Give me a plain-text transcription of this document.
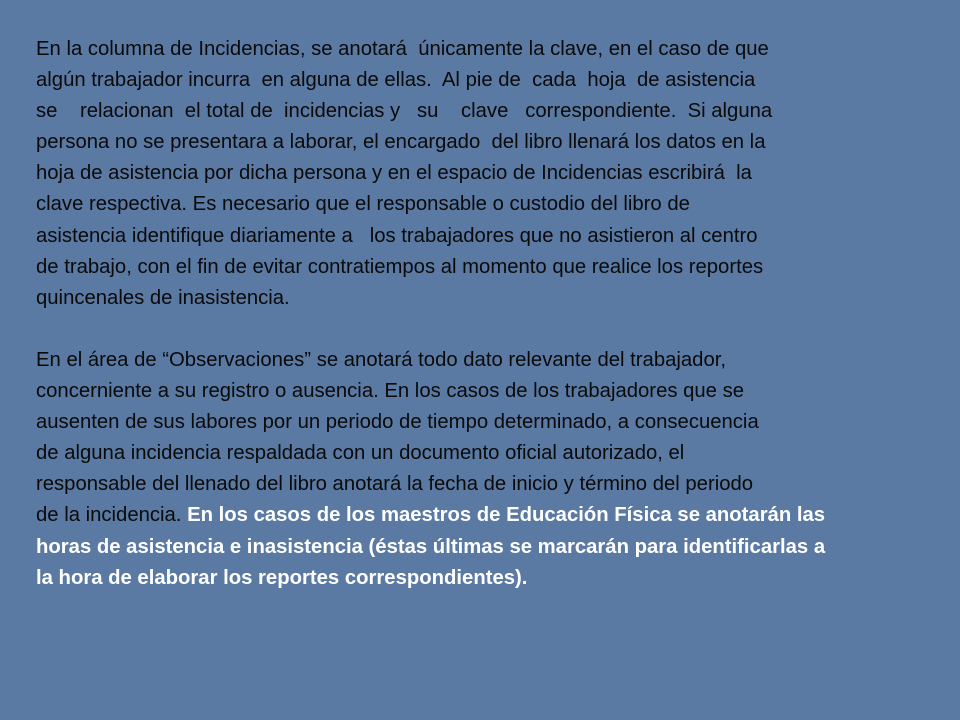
En la columna de Incidencias, se anotará  únicamente la clave, en el caso de que
algún trabajador incurra  en alguna de ellas.  Al pie de  cada  hoja  de asistencia
se    relacionan  el total de  incidencias y   su    clave   correspondiente.  Si alguna
persona no se presentara a laborar, el encargado  del libro llenará los datos en la
hoja de asistencia por dicha persona y en el espacio de Incidencias escribirá  la
clave respectiva. Es necesario que el responsable o custodio del libro de
asistencia identifique diariamente a   los trabajadores que no asistieron al centro
de trabajo, con el fin de evitar contratiempos al momento que realice los reportes
quincenales de inasistencia.

En el área de “Observaciones” se anotará todo dato relevante del trabajador,
concerniente a su registro o ausencia. En los casos de los trabajadores que se
ausenten de sus labores por un periodo de tiempo determinado, a consecuencia
de alguna incidencia respaldada con un documento oficial autorizado, el
responsable del llenado del libro anotará la fecha de inicio y término del periodo
de la incidencia. En los casos de los maestros de Educación Física se anotarán las
horas de asistencia e inasistencia (éstas últimas se marcarán para identificarlas a
la hora de elaborar los reportes correspondientes).
